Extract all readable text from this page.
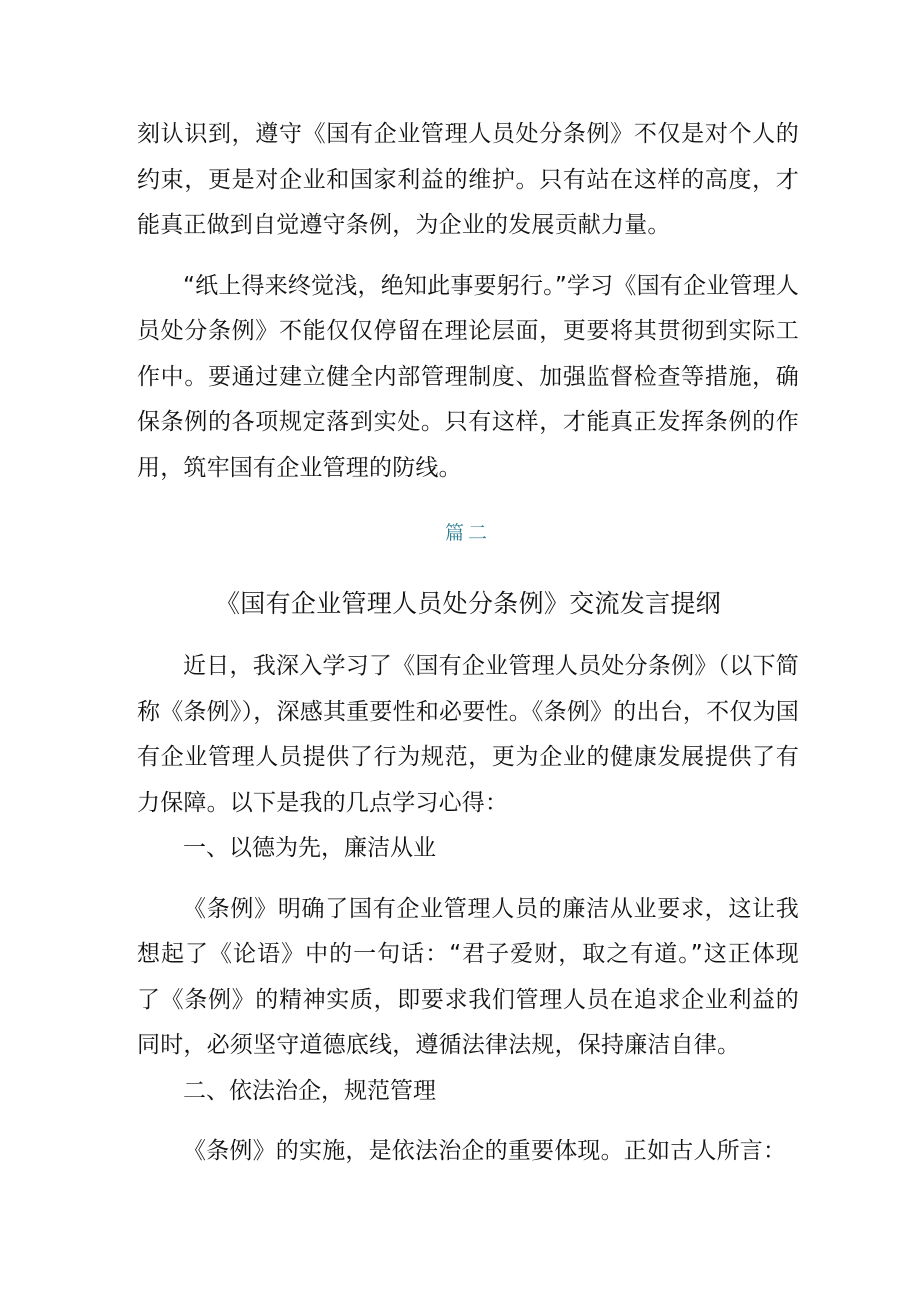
刻认识到，遵守《国有企业管理人员处分条例》不仅是对个人的约束，更是对企业和国家利益的维护。只有站在这样的高度，才能真正做到自觉遵守条例，为企业的发展贡献力量。

“纸上得来终觉浅，绝知此事要躬行。”学习《国有企业管理人员处分条例》不能仅仅停留在理论层面，更要将其贯彻到实际工作中。要通过建立健全内部管理制度、加强监督检查等措施，确保条例的各项规定落到实处。只有这样，才能真正发挥条例的作用，筑牢国有企业管理的防线。

篇二
《国有企业管理人员处分条例》交流发言提纲

近日，我深入学习了《国有企业管理人员处分条例》（以下简称《条例》），深感其重要性和必要性。《条例》的出台，不仅为国有企业管理人员提供了行为规范，更为企业的健康发展提供了有力保障。以下是我的几点学习心得：

一、以德为先，廉洁从业

《条例》明确了国有企业管理人员的廉洁从业要求，这让我想起了《论语》中的一句话：“君子爱财，取之有道。”这正体现了《条例》的精神实质，即要求我们管理人员在追求企业利益的同时，必须坚守道德底线，遵循法律法规，保持廉洁自律。

二、依法治企，规范管理

《条例》的实施，是依法治企的重要体现。正如古人所言：
